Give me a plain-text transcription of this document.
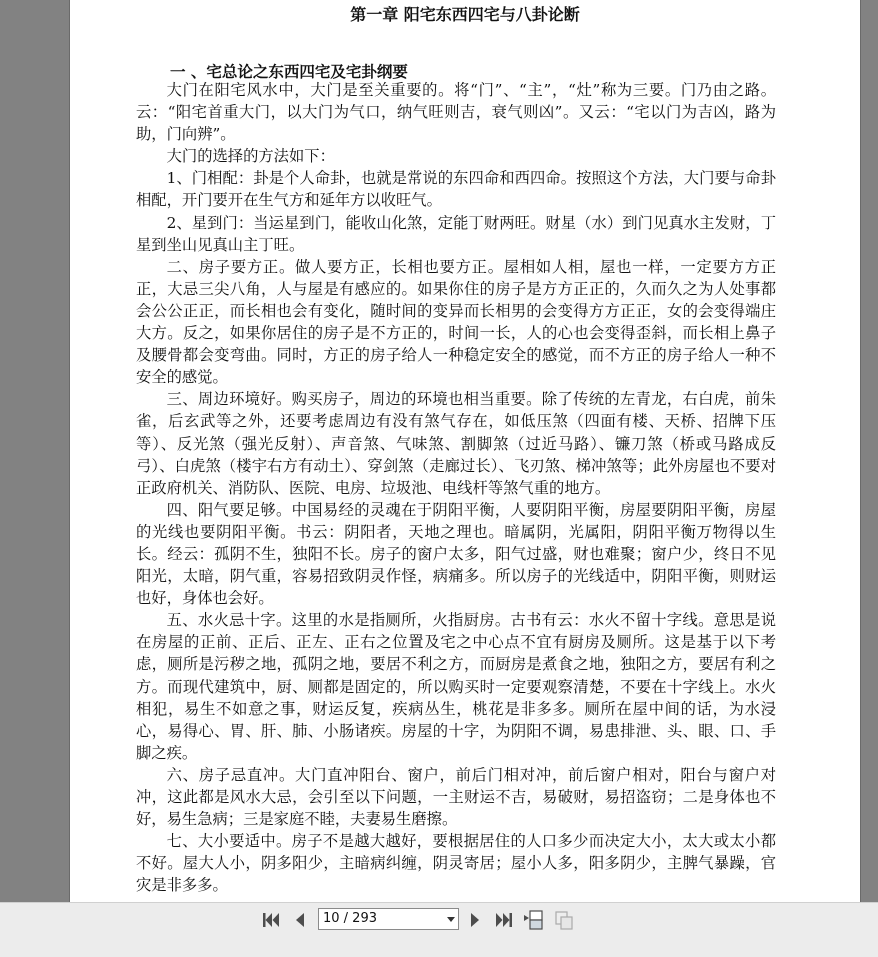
第一章 阳宅东西四宅与八卦论断
一 、宅总论之东西四宅及宅卦纲要

大门在阳宅风水中，大门是至关重要的。将“门”、“主”，“灶”称为三要。门乃由之路。云：“阳宅首重大门，以大门为气口，纳气旺则吉，衰气则凶”。又云：“宅以门为吉凶，路为助，门向辨”。

大门的选择的方法如下：

1、门相配：卦是个人命卦，也就是常说的东四命和西四命。按照这个方法，大门要与命卦相配，开门要开在生气方和延年方以收旺气。

2、星到门：当运星到门，能收山化煞，定能丁财两旺。财星（水）到门见真水主发财，丁星到坐山见真山主丁旺。

二、房子要方正。做人要方正，长相也要方正。屋相如人相，屋也一样，一定要方方正正，大忌三尖八角，人与屋是有感应的。如果你住的房子是方方正正的，久而久之为人处事都会公公正正，而长相也会有变化，随时间的变异而长相男的会变得方方正正，女的会变得端庄大方。反之，如果你居住的房子是不方正的，时间一长，人的心也会变得歪斜，而长相上鼻子及腰骨都会变弯曲。同时，方正的房子给人一种稳定安全的感觉，而不方正的房子给人一种不安全的感觉。

三、周边环境好。购买房子，周边的环境也相当重要。除了传统的左青龙，右白虎，前朱雀，后玄武等之外，还要考虑周边有没有煞气存在，如低压煞（四面有楼、天桥、招牌下压等）、反光煞（强光反射）、声音煞、气味煞、割脚煞（过近马路）、镰刀煞（桥或马路成反弓）、白虎煞（楼宇右方有动土）、穿剑煞（走廊过长）、飞刃煞、梯冲煞等；此外房屋也不要对正政府机关、消防队、医院、电房、垃圾池、电线杆等煞气重的地方。

四、阳气要足够。中国易经的灵魂在于阴阳平衡，人要阴阳平衡，房屋要阴阳平衡，房屋的光线也要阴阳平衡。书云：阴阳者，天地之理也。暗属阴，光属阳，阴阳平衡万物得以生长。经云：孤阴不生，独阳不长。房子的窗户太多，阳气过盛，财也难聚；窗户少，终日不见阳光，太暗，阴气重，容易招致阴灵作怪，病痛多。所以房子的光线适中，阴阳平衡，则财运也好，身体也会好。

五、水火忌十字。这里的水是指厕所，火指厨房。古书有云：水火不留十字线。意思是说在房屋的正前、正后、正左、正右之位置及宅之中心点不宜有厨房及厕所。这是基于以下考虑，厕所是污秽之地，孤阴之地，要居不利之方，而厨房是煮食之地，独阳之方，要居有利之方。而现代建筑中，厨、厕都是固定的，所以购买时一定要观察清楚，不要在十字线上。水火相犯，易生不如意之事，财运反复，疾病丛生，桃花是非多多。厕所在屋中间的话，为水浸心，易得心、胃、肝、肺、小肠诸疾。房屋的十字，为阴阳不调，易患排泄、头、眼、口、手脚之疾。

六、房子忌直冲。大门直冲阳台、窗户，前后门相对冲，前后窗户相对，阳台与窗户对冲，这此都是风水大忌，会引至以下问题，一主财运不吉，易破财，易招盗窃；二是身体也不好，易生急病；三是家庭不睦，夫妻易生磨擦。

七、大小要适中。房子不是越大越好，要根据居住的人口多少而决定大小，太大或太小都不好。屋大人小，阴多阳少，主暗病纠缠，阴灵寄居；屋小人多，阳多阴少，主脾气暴躁，官灾是非多多。

10 / 293
